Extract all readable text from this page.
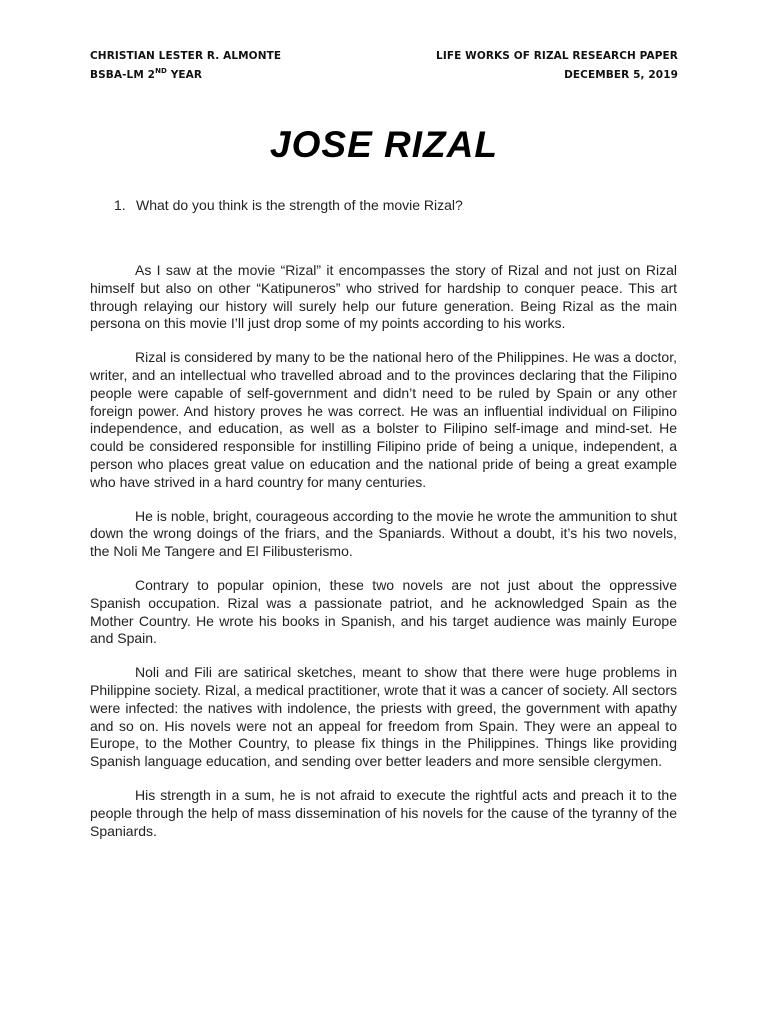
CHRISTIAN LESTER R. ALMONTE
BSBA-LM 2ND YEAR
LIFE WORKS OF RIZAL RESEARCH PAPER
DECEMBER 5, 2019
JOSE RIZAL
1. What do you think is the strength of the movie Rizal?

As I saw at the movie “Rizal” it encompasses the story of Rizal and not just on Rizal himself but also on other “Katipuneros” who strived for hardship to conquer peace. This art through relaying our history will surely help our future generation. Being Rizal as the main persona on this movie I’ll just drop some of my points according to his works.

Rizal is considered by many to be the national hero of the Philippines. He was a doctor, writer, and an intellectual who travelled abroad and to the provinces declaring that the Filipino people were capable of self-government and didn’t need to be ruled by Spain or any other foreign power. And history proves he was correct. He was an influential individual on Filipino independence, and education, as well as a bolster to Filipino self-image and mind-set. He could be considered responsible for instilling Filipino pride of being a unique, independent, a person who places great value on education and the national pride of being a great example who have strived in a hard country for many centuries.

He is noble, bright, courageous according to the movie he wrote the ammunition to shut down the wrong doings of the friars, and the Spaniards. Without a doubt, it’s his two novels, the Noli Me Tangere and El Filibusterismo.

Contrary to popular opinion, these two novels are not just about the oppressive Spanish occupation. Rizal was a passionate patriot, and he acknowledged Spain as the Mother Country. He wrote his books in Spanish, and his target audience was mainly Europe and Spain.

Noli and Fili are satirical sketches, meant to show that there were huge problems in Philippine society. Rizal, a medical practitioner, wrote that it was a cancer of society. All sectors were infected: the natives with indolence, the priests with greed, the government with apathy and so on. His novels were not an appeal for freedom from Spain. They were an appeal to Europe, to the Mother Country, to please fix things in the Philippines. Things like providing Spanish language education, and sending over better leaders and more sensible clergymen.

His strength in a sum, he is not afraid to execute the rightful acts and preach it to the people through the help of mass dissemination of his novels for the cause of the tyranny of the Spaniards.
